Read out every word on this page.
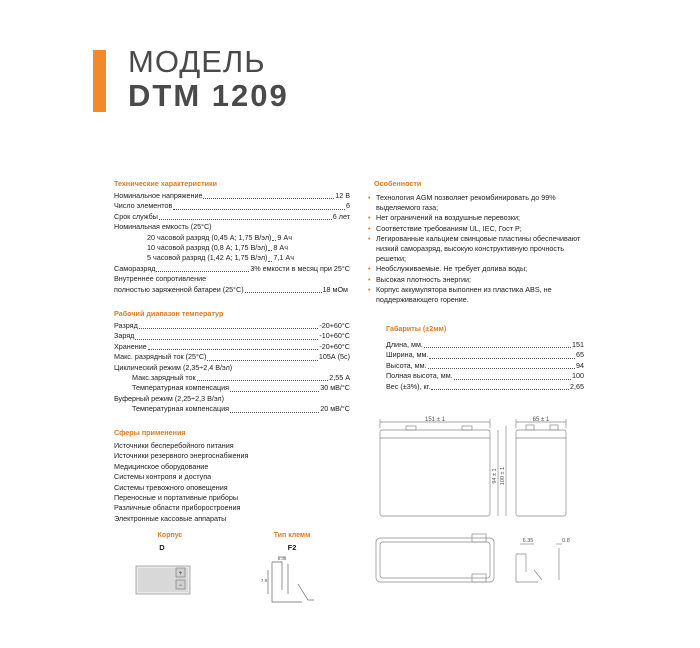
МОДЕЛЬ
DTM 1209
Технические характеристики
Номинальное напряжение	12 В
Число элементов	6
Срок службы	6 лет
Номинальная емкость (25°С)
20 часовой разряд (0,45 А; 1,75 В/эл) 9 Ач
10 часовой разряд (0,8 А; 1,75 В/эл) 8 Ач
5 часовой разряд (1,42 А; 1,75 В/эл) 7,1 Ач
Саморазряд	3% емкости в месяц при 25°С
Внутреннее сопротивление
полностью заряженной батареи (25°С)	18 мОм
Рабочий диапазон температур
Разряд	-20+60°С
Заряд	-10+60°С
Хранение	-20+60°С
Макс. разрядный ток (25°С)	105А (5с)
Циклический режим (2,35÷2,4 В/эл)
Макс.зарядный ток	2,55 А
Температурная компенсация	30 мВ/°С
Буферный режим (2,25÷2,3 В/эл)
Температурная компенсация	20 мВ/°С
Сферы применения
Источники бесперебойного питания
Источники резервного энергоснабжения
Медицинское оборудование
Системы контроля и доступа
Системы тревожного оповещения
Переносные и портативные приборы
Различные области приборостроения
Электронные кассовые аппараты
Корпус
D
+
−
Тип клемм
F2
6.35
7.9
Особенности
• Технология AGM позволяет рекомбинировать до 99% выделяемого газа;
• Нет ограничений на воздушные перевозки;
• Соответствие требованиям UL, IEC, Гост Р;
• Легированные кальцием свинцовые пластины обеспечивают низкий саморазряд, высокую конструктивную прочность решетки;
• Необслуживаемые. Не требует долива воды;
• Высокая плотность энергии;
• Корпус аккумулятора выполнен из пластика ABS, не поддерживающего горение.
Габариты (±2мм)
Длина, мм.	151
Ширина, мм.	65
Высота, мм.	94
Полная высота, мм.	100
Вес (±3%), кг.	2,65
151 ± 1	65 ± 1
94 ± 1 100 ± 1
6.35	0.8
